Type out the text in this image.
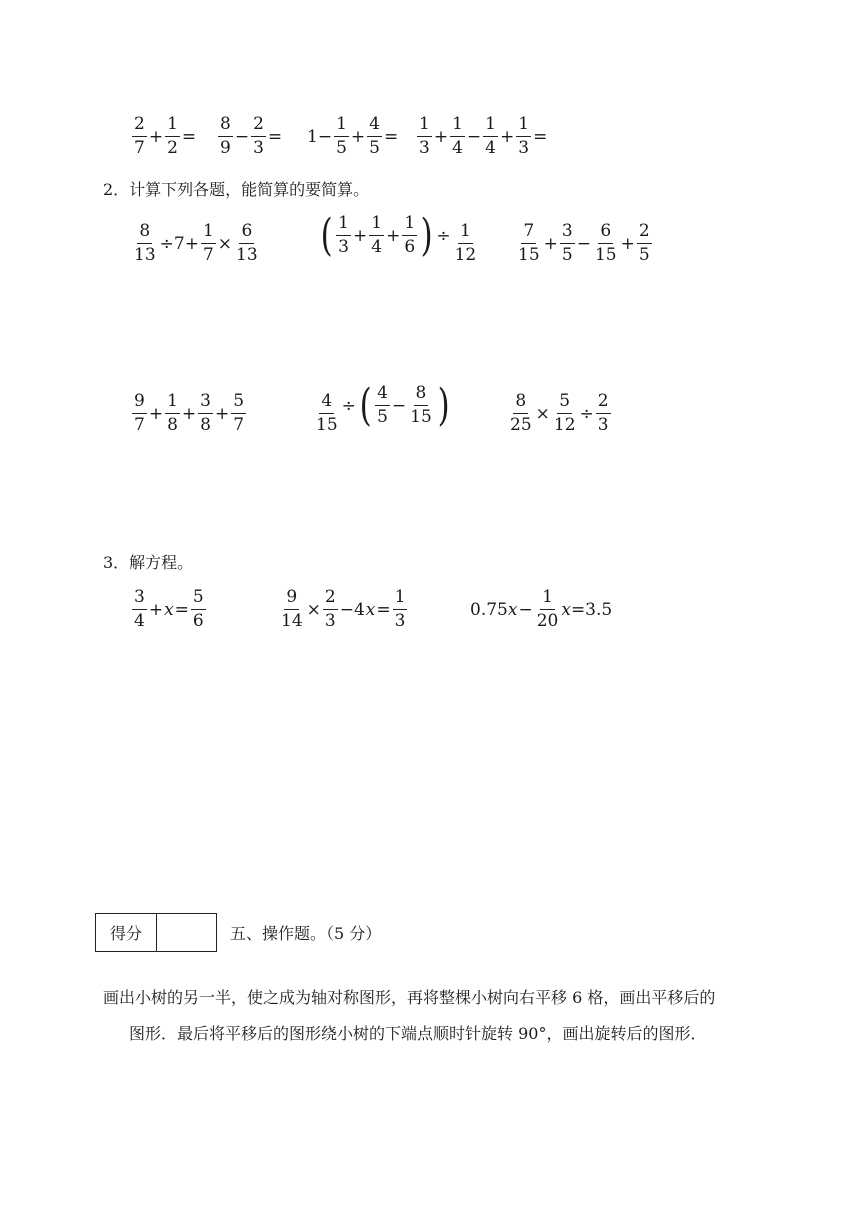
$\frac{2}{7} + \frac{1}{2} = \frac{8}{9} - \frac{2}{3} = 1- \frac{1}{5} + \frac{4}{5} = \frac{1}{3} + \frac{1}{4} - \frac{1}{4} + \frac{1}{3}$ =
2．计算下列各题，能简算的要简算。
$\frac{8}{13} \div 7+ \frac{1}{7} \times \frac{6}{13}$ ( $\frac{1}{3} + \frac{1}{4} + \frac{1}{6}$ ) ÷ $\frac{1}{12} \frac{7}{15} + \frac{3}{5} - \frac{6}{15} + \frac{2}{5}$
$\frac{9}{7} + \frac{1}{8} + \frac{3}{8} + \frac{5}{7}$	$\frac{4}{15}$ ÷ ( $\frac{4}{5} - \frac{8}{15}$ )	$\frac{8}{25} \times \frac{5}{12} \div \frac{2}{3}$
3．解方程。
$\frac{3}{4} + x = \frac{5}{6}$	$\frac{9}{14} \times \frac{2}{3} -4$ $x = \frac{1}{3}$	0.75 $x - \frac{1}{20}$ x =3.5
得分	五、操作题。（5 分）
画出小树的另一半，使之成为轴对称图形，再将整棵小树向右平移 6 格，画出平移后的
图形．最后将平移后的图形绕小树的下端点顺时针旋转 90°，画出旋转后的图形．
